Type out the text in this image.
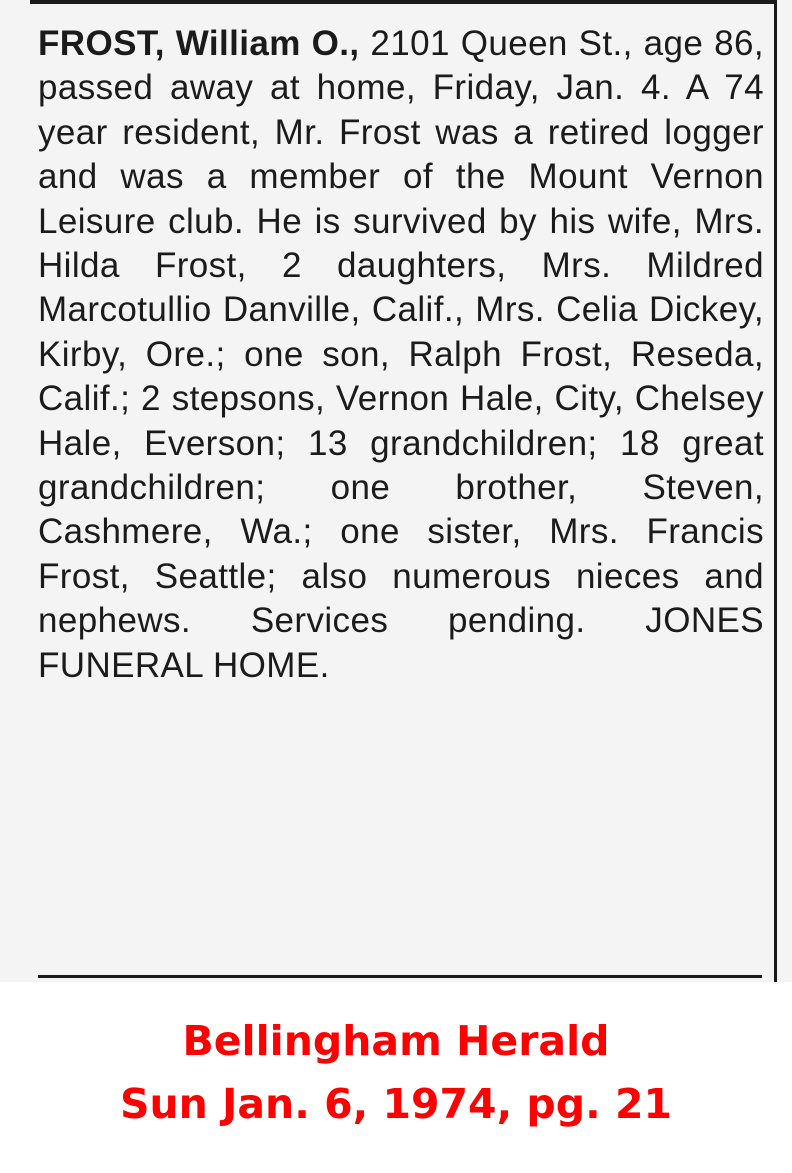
FROST, William O., 2101 Queen St., age 86, passed away at home, Friday, Jan. 4. A 74 year resident, Mr. Frost was a retired logger and was a member of the Mount Vernon Leisure club. He is survived by his wife, Mrs. Hilda Frost, 2 daughters, Mrs. Mildred Marcotullio Danville, Calif., Mrs. Celia Dickey, Kirby, Ore.; one son, Ralph Frost, Reseda, Calif.; 2 stepsons, Vernon Hale, City, Chelsey Hale, Everson; 13 grandchildren; 18 great grandchildren; one brother, Steven, Cashmere, Wa.; one sister, Mrs. Francis Frost, Seattle; also numerous nieces and nephews. Services pending. JONES FUNERAL HOME.

Bellingham Herald
Sun Jan. 6, 1974, pg. 21
